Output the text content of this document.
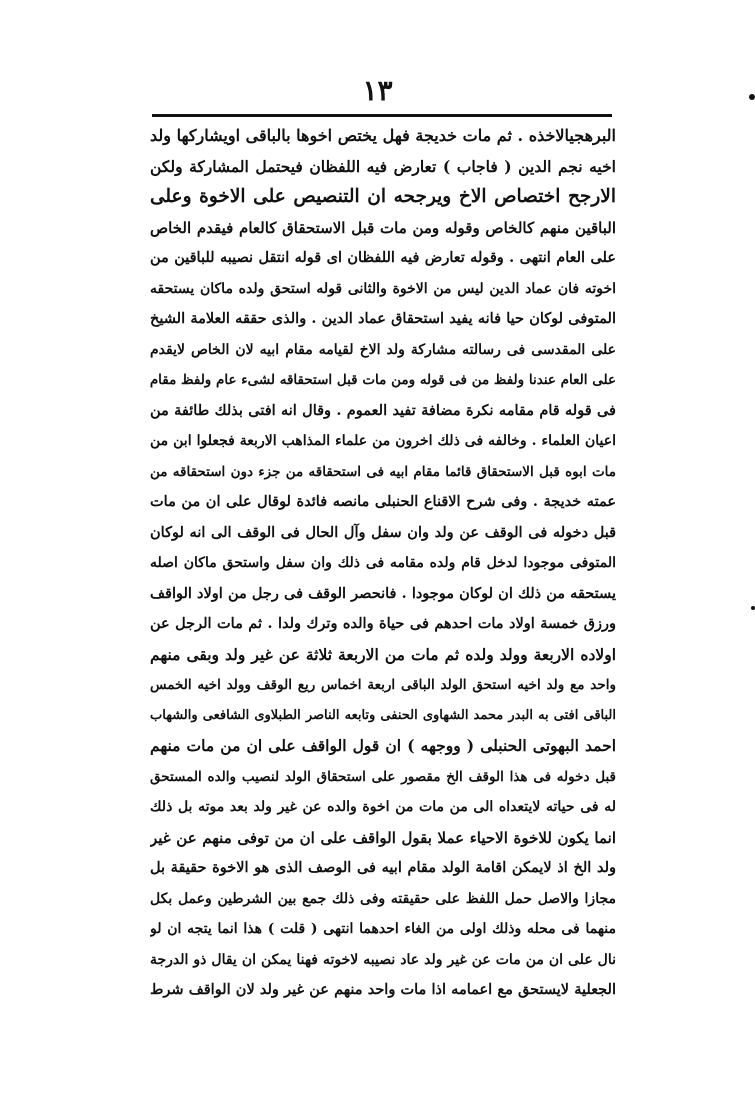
١٣
البرهجيالاخذه . ثم مات خديجة فهل يختص اخوها بالباقى اويشاركها ولد
اخيه نجم الدين ( فاجاب ) تعارض فيه اللفظان فيحتمل المشاركة ولكن
الارجح اختصاص الاخ ويرجحه ان التنصيص على الاخوة وعلى
الباقين منهم كالخاص وقوله ومن مات قبل الاستحقاق كالعام فيقدم الخاص
على العام انتهى . وقوله تعارض فيه اللفظان اى قوله انتقل نصيبه للباقين من
اخوته فان عماد الدين ليس من الاخوة والثانى قوله استحق ولده ماكان يستحقه
المتوفى لوكان حيا فانه يفيد استحقاق عماد الدين . والذى حققه العلامة الشيخ
على المقدسى فى رسالته مشاركة ولد الاخ لقيامه مقام ابيه لان الخاص لايقدم
على العام عندنا ولفظ من فى قوله ومن مات قبل استحقاقه لشىء عام ولفظ مقام
فى قوله قام مقامه نكرة مضافة تفيد العموم . وقال انه افتى بذلك طائفة من
اعيان العلماء . وخالفه فى ذلك اخرون من علماء المذاهب الاربعة فجعلوا ابن من
مات ابوه قبل الاستحقاق قائما مقام ابيه فى استحقاقه من جزء دون استحقاقه من
عمته خديجة . وفى شرح الاقناع الحنبلى مانصه فائدة لوقال على ان من مات
قبل دخوله فى الوقف عن ولد وان سفل وآل الحال فى الوقف الى انه لوكان
المتوفى موجودا لدخل قام ولده مقامه فى ذلك وان سفل واستحق ماكان اصله
يستحقه من ذلك ان لوكان موجودا . فانحصر الوقف فى رجل من اولاد الواقف
ورزق خمسة اولاد مات احدهم فى حياة والده وترك ولدا . ثم مات الرجل عن
اولاده الاربعة وولد ولده ثم مات من الاربعة ثلاثة عن غير ولد وبقى منهم
واحد مع ولد اخيه استحق الولد الباقى اربعة اخماس ريع الوقف وولد اخيه الخمس
الباقى افتى به البدر محمد الشهاوى الحنفى وتابعه الناصر الطبلاوى الشافعى والشهاب
احمد البهوتى الحنبلى ( ووجهه ) ان قول الواقف على ان من مات منهم
قبل دخوله فى هذا الوقف الخ مقصور على استحقاق الولد لنصيب والده المستحق
له فى حياته لايتعداه الى من مات من اخوة والده عن غير ولد بعد موته بل ذلك
انما يكون للاخوة الاحياء عملا بقول الواقف على ان من توفى منهم عن غير
ولد الخ اذ لايمكن اقامة الولد مقام ابيه فى الوصف الذى هو الاخوة حقيقة بل
مجازا والاصل حمل اللفظ على حقيقته وفى ذلك جمع بين الشرطين وعمل بكل
منهما فى محله وذلك اولى من الغاء احدهما انتهى ( قلت ) هذا انما يتجه ان لو
نال على ان من مات عن غير ولد عاد نصيبه لاخوته فهنا يمكن ان يقال ذو الدرجة
الجعلية لايستحق مع اعمامه اذا مات واحد منهم عن غير ولد لان الواقف شرط
